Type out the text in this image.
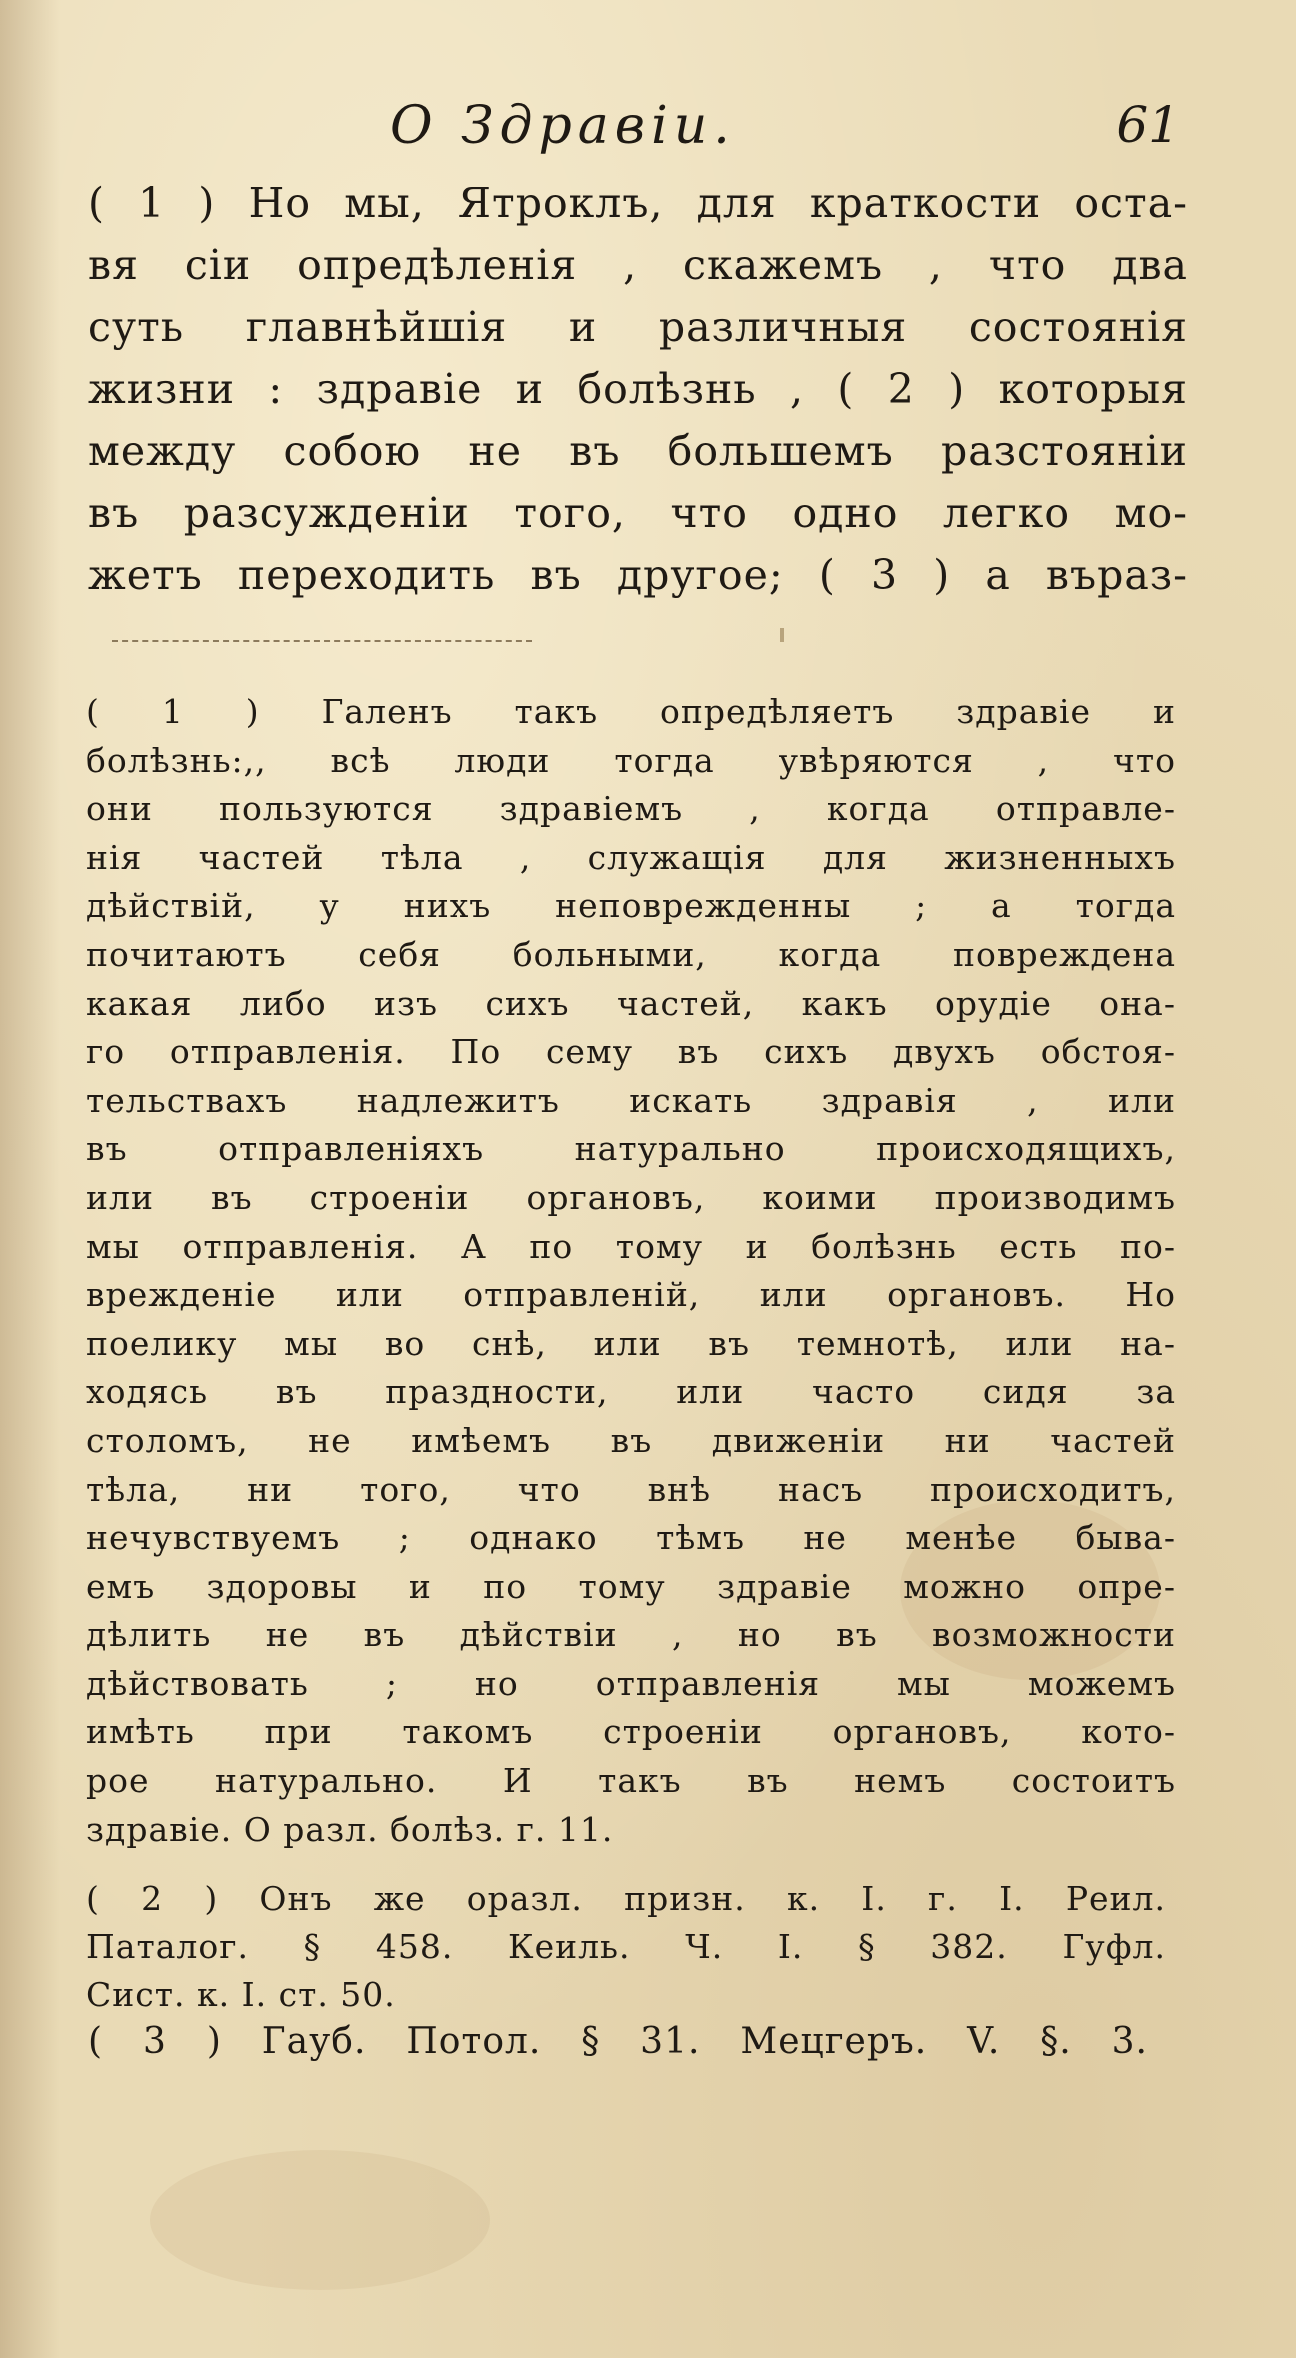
О Здравіи.	61
( 1 ) Но мы, Ятроклъ, для краткости оста-
вя сіи опредѣленія , скажемъ , что два
суть главнѣйшія и различныя состоянія
жизни : здравіе и болѣзнь , ( 2 ) которыя
между собою не въ большемъ разстояніи
въ разсужденіи того, что одно легко мо-
жетъ переходить въ другое; ( 3 ) а въраз-
( 1 ) Галенъ такъ опредѣляетъ здравіе и
болѣзнь:,, всѣ люди тогда увѣряются , что
они пользуются здравіемъ , когда отправле-
нія частей тѣла , служащія для жизненныхъ
дѣйствій, у нихъ неповрежденны ; а тогда
почитаютъ себя больными, когда повреждена
какая либо изъ сихъ частей, какъ орудіе она-
го отправленія. По сему въ сихъ двухъ обстоя-
тельствахъ надлежитъ искать здравія , или
въ отправленіяхъ натурально происходящихъ,
или въ строеніи органовъ, коими производимъ
мы отправленія. А по тому и болѣзнь есть по-
врежденіе или отправленій, или органовъ. Но
поелику мы во снѣ, или въ темнотѣ, или на-
ходясь въ праздности, или часто сидя за
столомъ, не имѣемъ въ движеніи ни частей
тѣла, ни того, что внѣ насъ происходитъ,
нечувствуемъ ; однако тѣмъ не менѣе быва-
емъ здоровы и по тому здравіе можно опре-
дѣлить не въ дѣйствіи , но въ возможности
дѣйствовать ; но отправленія мы можемъ
имѣть при такомъ строеніи органовъ, кото-
рое натурально. И такъ въ немъ состоитъ
здравіе. О разл. болѣз. г. 11.
( 2 ) Онъ же оразл. призн. к. I. г. I. Реил.
Паталог. § 458. Кеиль. Ч. I. § 382. Гуфл.
Сист. к. I. ст. 50.
( 3 ) Гауб. Потол. § 31. Мецгеръ. V. §. 3.
